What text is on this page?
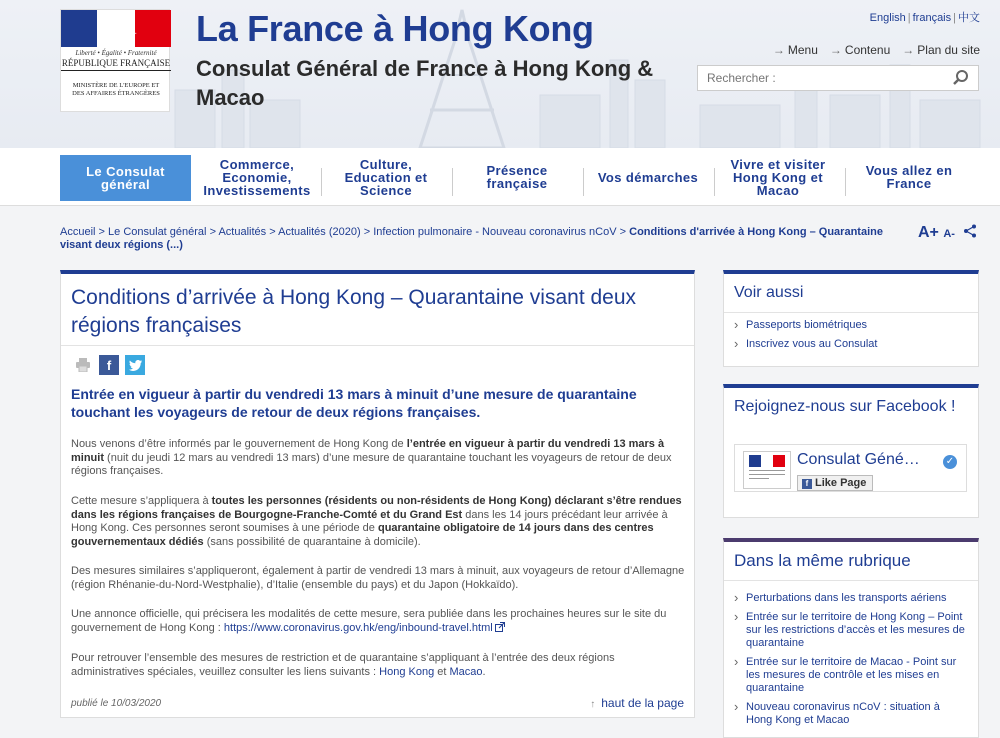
Liberté • Égalité • Fraternité
RÉPUBLIQUE FRANÇAISE
MINISTÈRE DE L'EUROPE ET DES AFFAIRES ÉTRANGÈRES
La France à Hong Kong
Consulat Général de France à Hong Kong & Macao
English | français | 中文
→ Menu → Contenu → Plan du site
Rechercher :
Le Consulat général
Commerce, Economie, Investissements
Culture, Education et Science
Présence française	Vos démarches
Vivre et visiter Hong Kong et Macao
Vous allez en France
Accueil > Le Consulat général > Actualités > Actualités (2020) > Infection pulmonaire - Nouveau coronavirus nCoV > Conditions d'arrivée à Hong Kong – Quarantaine visant deux régions (...)
A+ A-
Conditions d’arrivée à Hong Kong – Quarantaine visant deux régions françaises
f
Entrée en vigueur à partir du vendredi 13 mars à minuit d’une mesure de quarantaine touchant les voyageurs de retour de deux régions françaises.

Nous venons d’être informés par le gouvernement de Hong Kong de l’entrée en vigueur à partir du vendredi 13 mars à minuit (nuit du jeudi 12 mars au vendredi 13 mars) d’une mesure de quarantaine touchant les voyageurs de retour de deux régions françaises.

Cette mesure s’appliquera à toutes les personnes (résidents ou non-résidents de Hong Kong) déclarant s’être rendues dans les régions françaises de Bourgogne-Franche-Comté et du Grand Est dans les 14 jours précédant leur arrivée à Hong Kong. Ces personnes seront soumises à une période de quarantaine obligatoire de 14 jours dans des centres gouvernementaux dédiés (sans possibilité de quarantaine à domicile).

Des mesures similaires s’appliqueront, également à partir de vendredi 13 mars à minuit, aux voyageurs de retour d’Allemagne (région Rhénanie-du-Nord-Westphalie), d’Italie (ensemble du pays) et du Japon (Hokkaïdo).

Une annonce officielle, qui précisera les modalités de cette mesure, sera publiée dans les prochaines heures sur le site du gouvernement de Hong Kong : https://www.coronavirus.gov.hk/eng/inbound-travel.html

Pour retrouver l’ensemble des mesures de restriction et de quarantaine s’appliquant à l’entrée des deux régions administratives spéciales, veuillez consulter les liens suivants : Hong Kong et Macao.

publié le 10/03/2020	↑ haut de la page
Voir aussi
› Passeports biométriques
› Inscrivez vous au Consulat
Rejoignez-nous sur Facebook !
Consulat Géné…	✓
f Like Page
Dans la même rubrique
› Perturbations dans les transports aériens
› Entrée sur le territoire de Hong Kong – Point sur les restrictions d’accès et les mesures de quarantaine
› Entrée sur le territoire de Macao - Point sur les mesures de contrôle et les mises en quarantaine
› Nouveau coronavirus nCoV : situation à Hong Kong et Macao
